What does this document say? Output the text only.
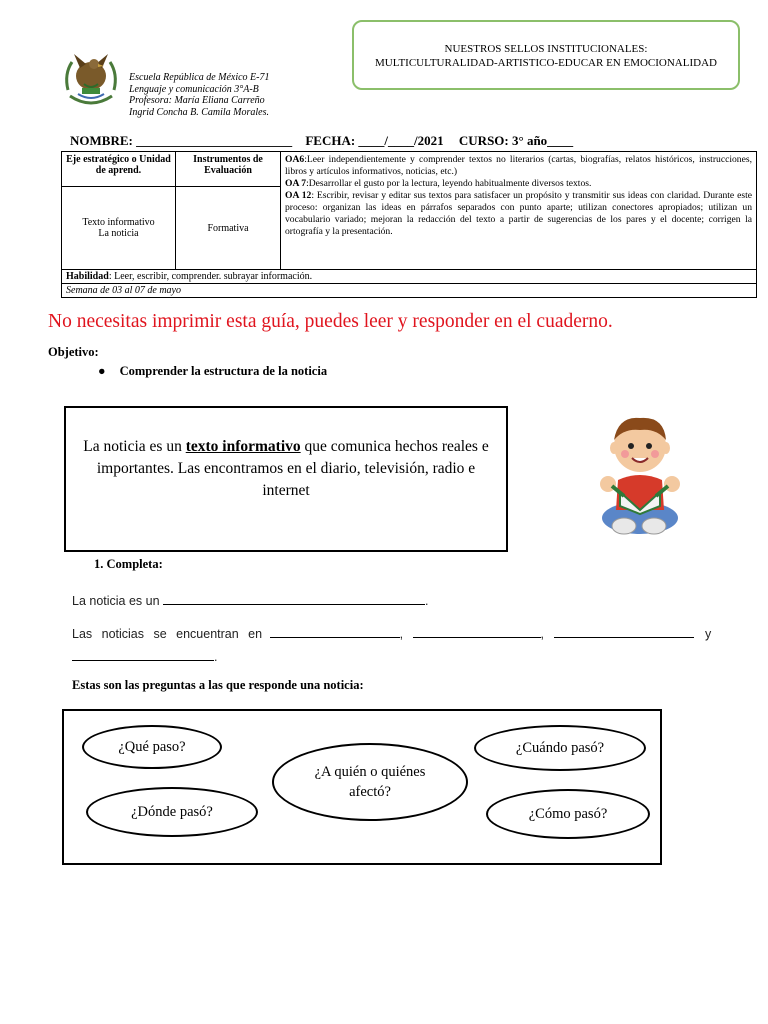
NUESTROS SELLOS INSTITUCIONALES:
MULTICULTURALIDAD-ARTISTICO-EDUCAR EN EMOCIONALIDAD
Escuela República de México E-71
Lenguaje y comunicación 3°A-B
Profesora: María Eliana Carreño
Ingrid Concha B. Camila Morales.
NOMBRE: ________________________ FECHA: ____/____/2021 CURSO: 3° año____
Eje estratégico o Unidad de aprend.	Instrumentos de Evaluación	OA6:Leer independientemente y comprender textos no literarios (cartas, biografías, relatos históricos, instrucciones, libros y artículos informativos, noticias, etc.)
OA 7:Desarrollar el gusto por la lectura, leyendo habitualmente diversos textos.
OA 12: Escribir, revisar y editar sus textos para satisfacer un propósito y transmitir sus ideas con claridad. Durante este proceso: organizan las ideas en párrafos separados con punto aparte; utilizan conectores apropiados; utilizan un vocabulario variado; mejoran la redacción del texto a partir de sugerencias de los pares y el docente; corrigen la ortografía y la presentación.

Texto informativo
La noticia	Formativa	
Habilidad: Leer, escribir, comprender. subrayar información.		
Semana de 03 al 07 de mayo		
No necesitas imprimir esta guía, puedes leer y responder en el cuaderno.
Objetivo:
● Comprender la estructura de la noticia
La noticia es un texto informativo que comunica hechos reales e importantes. Las encontramos en el diario, televisión, radio e internet
1. Completa:
La noticia es un	.
Las noticias se encuentran en	,	,	y
.
Estas son las preguntas a las que responde una noticia:
¿Qué paso?
¿A quién o quiénes afectó?
¿Cuándo pasó?
¿Dónde pasó?	¿Cómo pasó?
